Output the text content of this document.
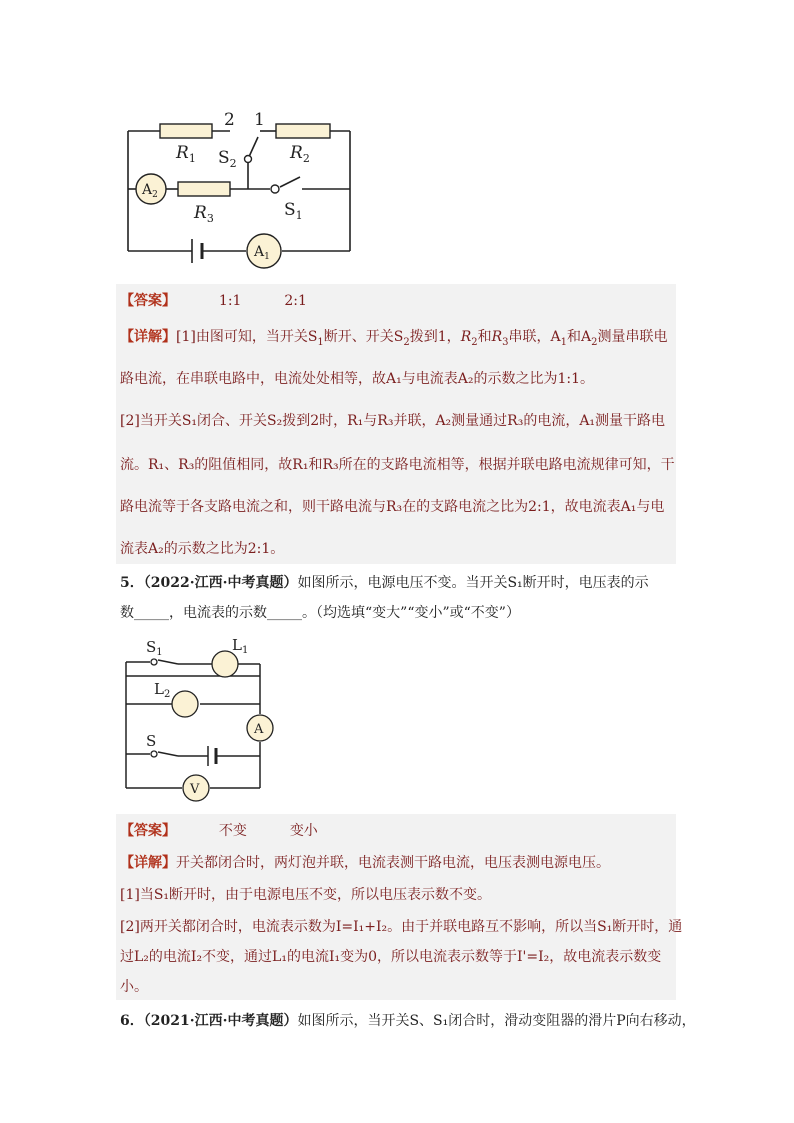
2 1
$S_2$
$S_1$
$R_1$	$R_2$
$R_3$
$A_2$
$A_1$
【答案】	1:1	2:1
【详解】[1]由图可知，当开关$S_1$断开、开关$S_2$拨到1，$R_2$和$R_3$串联，$A_1$和$A_2$测量串联电
路电流，在串联电路中，电流处处相等，故A₁与电流表A₂的示数之比为1:1。
[2]当开关S₁闭合、开关S₂拨到2时，R₁与R₃并联，A₂测量通过R₃的电流，A₁测量干路电
流。R₁、R₃的阻值相同，故R₁和R₃所在的支路电流相等，根据并联电路电流规律可知，干
路电流等于各支路电流之和，则干路电流与R₃在的支路电流之比为2:1，故电流表A₁与电
流表A₂的示数之比为2:1。
5．（2022·江西·中考真题）如图所示，电源电压不变。当开关S₁断开时，电压表的示
数_____，电流表的示数_____。（均选填“变大”“变小”或“不变”）
$S_1$	$L_1$
$L_2$
S
A
V
【答案】	不变	变小
【详解】开关都闭合时，两灯泡并联，电流表测干路电流，电压表测电源电压。
[1]当S₁断开时，由于电源电压不变，所以电压表示数不变。
[2]两开关都闭合时，电流表示数为I=I₁+I₂。由于并联电路互不影响，所以当S₁断开时，通
过L₂的电流I₂不变，通过L₁的电流I₁变为0，所以电流表示数等于I'=I₂，故电流表示数变
小。
6．（2021·江西·中考真题）如图所示，当开关S、S₁闭合时，滑动变阻器的滑片P向右移动，
